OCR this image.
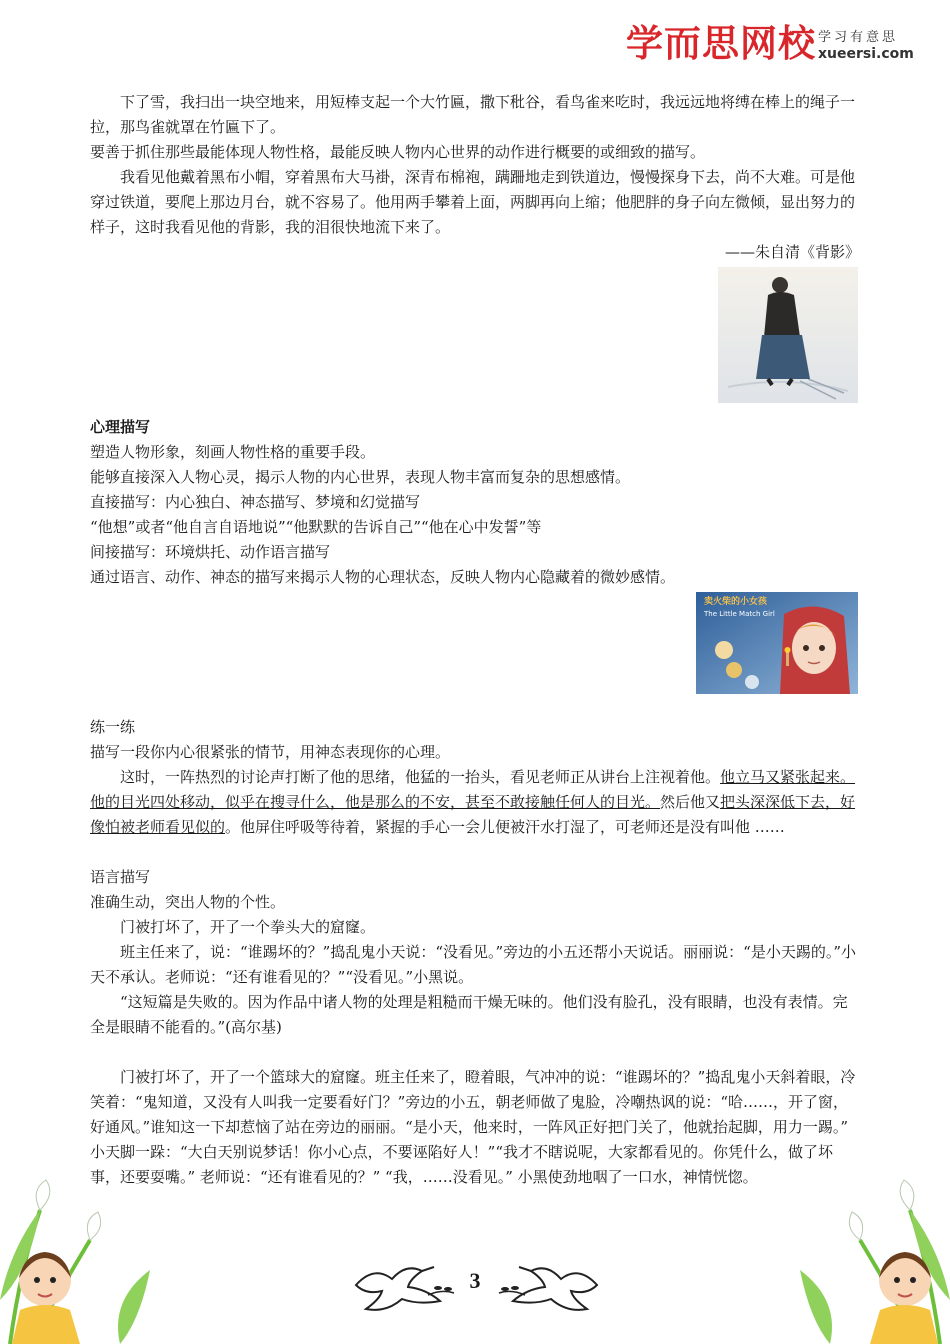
学而思网校 学习有意思
xueersi.com

下了雪，我扫出一块空地来，用短棒支起一个大竹匾，撒下秕谷，看鸟雀来吃时，我远远地将缚在棒上的绳子一拉，那鸟雀就罩在竹匾下了。

要善于抓住那些最能体现人物性格，最能反映人物内心世界的动作进行概要的或细致的描写。

我看见他戴着黑布小帽，穿着黑布大马褂，深青布棉袍，蹒跚地走到铁道边，慢慢探身下去，尚不大难。可是他穿过铁道，要爬上那边月台，就不容易了。他用两手攀着上面，两脚再向上缩；他肥胖的身子向左微倾，显出努力的样子，这时我看见他的背影，我的泪很快地流下来了。

——朱自清《背影》

心理描写

塑造人物形象，刻画人物性格的重要手段。

能够直接深入人物心灵，揭示人物的内心世界，表现人物丰富而复杂的思想感情。

直接描写：内心独白、神态描写、梦境和幻觉描写

“他想”或者“他自言自语地说”“他默默的告诉自己”“他在心中发誓”等

间接描写：环境烘托、动作语言描写

通过语言、动作、神态的描写来揭示人物的心理状态，反映人物内心隐藏着的微妙感情。

卖火柴的小女孩
The Little Match Girl

练一练

描写一段你内心很紧张的情节，用神态表现你的心理。

这时，一阵热烈的讨论声打断了他的思绪，他猛的一抬头，看见老师正从讲台上注视着他。他立马又紧张起来。他的目光四处移动，似乎在搜寻什么，他是那么的不安，甚至不敢接触任何人的目光。然后他又把头深深低下去，好像怕被老师看见似的。他屏住呼吸等待着，紧握的手心一会儿便被汗水打湿了，可老师还是没有叫他 ……

语言描写

准确生动，突出人物的个性。

门被打坏了，开了一个拳头大的窟窿。

班主任来了，说：“谁踢坏的？”捣乱鬼小天说：“没看见。”旁边的小五还帮小天说话。丽丽说：“是小天踢的。”小天不承认。老师说：“还有谁看见的？”“没看见。”小黑说。

“这短篇是失败的。因为作品中诸人物的处理是粗糙而干燥无味的。他们没有脸孔，没有眼睛，也没有表情。完全是眼睛不能看的。”(高尔基)

门被打坏了，开了一个篮球大的窟窿。班主任来了，瞪着眼，气冲冲的说：“谁踢坏的？”捣乱鬼小天斜着眼，冷笑着：“鬼知道，又没有人叫我一定要看好门？”旁边的小五，朝老师做了鬼脸，冷嘲热讽的说：“哈……，开了窗，好通风。”谁知这一下却惹恼了站在旁边的丽丽。“是小天，他来时，一阵风正好把门关了，他就抬起脚，用力一踢。” 小天脚一跺：“大白天别说梦话！你小心点，不要诬陷好人！”“我才不瞎说呢，大家都看见的。你凭什么，做了坏事，还要耍嘴。” 老师说：“还有谁看见的？” “我，……没看见。” 小黑使劲地咽了一口水，神情恍惚。

3
